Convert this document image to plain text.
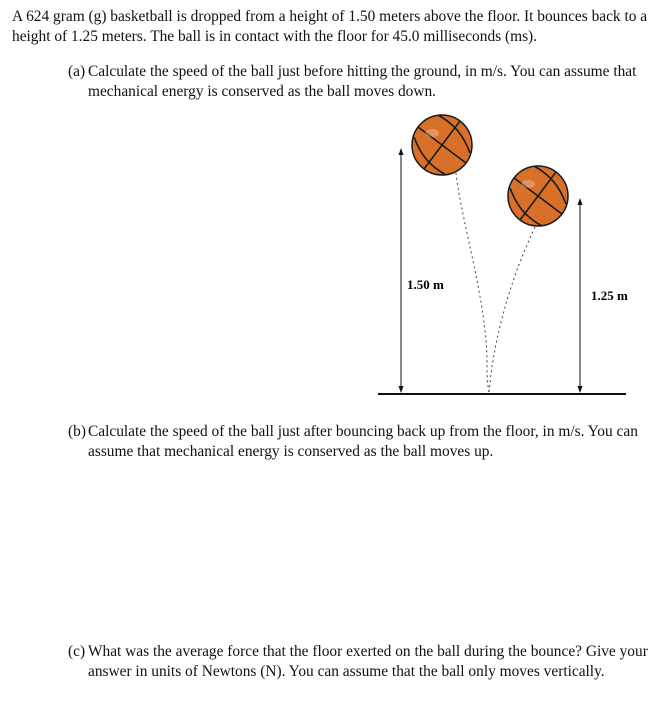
A 624 gram (g) basketball is dropped from a height of 1.50 meters above the floor. It bounces back to a height of 1.25 meters. The ball is in contact with the floor for 45.0 milliseconds (ms).

(a) Calculate the speed of the ball just before hitting the ground, in m/s. You can assume that mechanical energy is conserved as the ball moves down.

1.50 m
1.25 m

(b) Calculate the speed of the ball just after bouncing back up from the floor, in m/s. You can assume that mechanical energy is conserved as the ball moves up.

(c) What was the average force that the floor exerted on the ball during the bounce? Give your answer in units of Newtons (N). You can assume that the ball only moves vertically.
